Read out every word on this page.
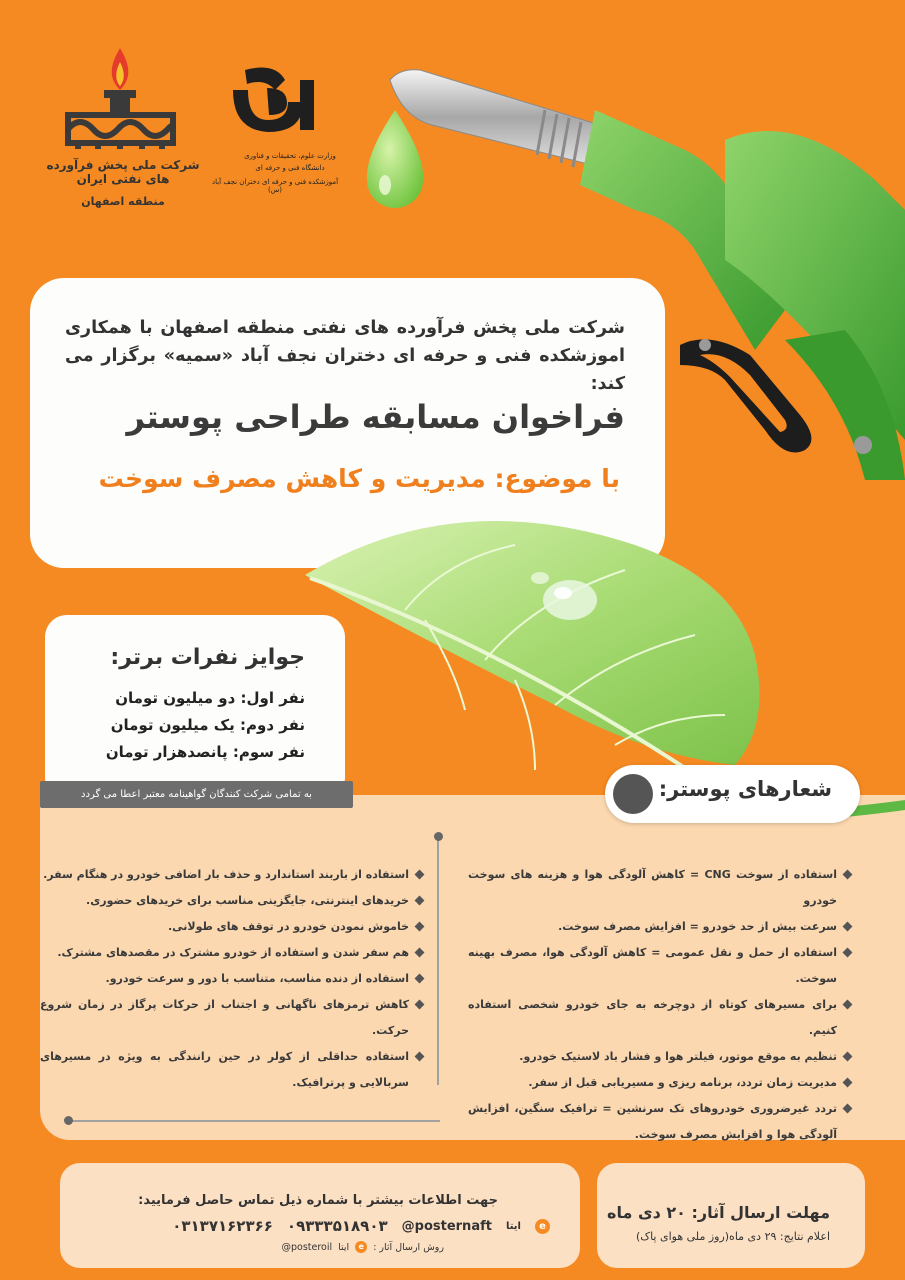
شرکت ملی پخش فرآورده های نفتی ایران
منطقه اصفهان
وزارت علوم، تحقیقات و فناوری
دانشگاه فنی و حرفه ای
آموزشکده فنی و حرفه ای دختران نجف آباد (س)

شرکت ملی پخش فرآورده های نفتی منطقه اصفهان با همکاری اموزشکده فنی و حرفه ای دختران نجف آباد «سمیه» برگزار می کند:

فراخوان مسابقه طراحی پوستر
با موضوع: مدیریت و کاهش مصرف سوخت
جوایز نفرات برتر:
نفر اول: دو میلیون تومان
نفر دوم: یک میلیون تومان
نفر سوم: پانصدهزار تومان
به تمامی شرکت کنندگان گواهینامه معتبر اعطا می گردد	شعارهای پوستر:
استفاده از سوخت CNG = کاهش آلودگی هوا و هزینه های سوخت خودرو
سرعت بیش از حد خودرو = افزایش مصرف سوخت.
استفاده از حمل و نقل عمومی = کاهش آلودگی هوا، مصرف بهینه سوخت.
برای مسیرهای کوتاه از دوچرخه به جای خودرو شخصی استفاده کنیم.
تنظیم به موقع موتور، فیلتر هوا و فشار باد لاستیک خودرو.
مدیریت زمان تردد، برنامه ریزی و مسیریابی قبل از سفر.
تردد غیرضروری خودروهای تک سرنشین = ترافیک سنگین، افزایش آلودگی هوا و افزایش مصرف سوخت.
استفاده از باربند استاندارد و حذف بار اضافی خودرو در هنگام سفر.
خریدهای اینترنتی، جایگزینی مناسب برای خریدهای حضوری.
خاموش نمودن خودرو در توقف های طولانی.
هم سفر شدن و استفاده از خودرو مشترک در مقصدهای مشترک.
استفاده از دنده مناسب، متناسب با دور و سرعت خودرو.
کاهش ترمزهای ناگهانی و اجتناب از حرکات پرگاز در زمان شروع حرکت.
استفاده حداقلی از کولر در حین رانندگی به ویژه در مسیرهای سربالایی و پرترافیک.
جهت اطلاعات بیشتر با شماره ذیل تماس حاصل فرمایید:
e
ایتا
@posternaft
۰۹۳۳۳۵۱۸۹۰۳
۰۳۱۳۷۱۶۲۳۶۶
روش ارسال آثار :
e
ایتا
@posteroil
مهلت ارسال آثار: ۲۰ دی ماه
اعلام نتایج: ۲۹ دی ماه(روز ملی هوای پاک)
